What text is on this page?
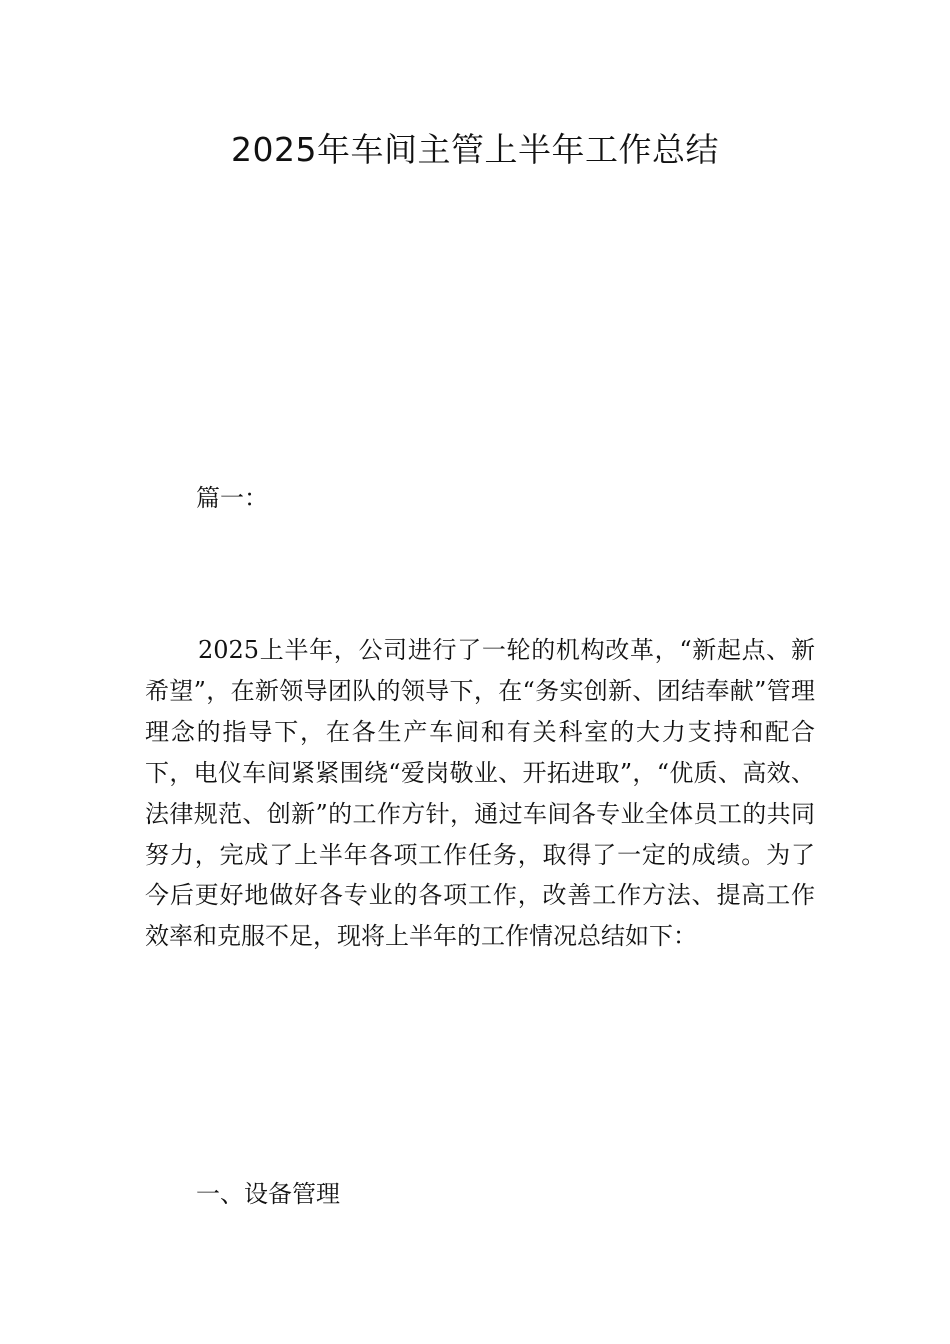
2025年车间主管上半年工作总结

篇一：

2025上半年，公司进行了一轮的机构改革，“新起点、新希望”，在新领导团队的领导下，在“务实创新、团结奉献”管理理念的指导下，在各生产车间和有关科室的大力支持和配合下，电仪车间紧紧围绕“爱岗敬业、开拓进取”，“优质、高效、法律规范、创新”的工作方针，通过车间各专业全体员工的共同努力，完成了上半年各项工作任务，取得了一定的成绩。为了今后更好地做好各专业的各项工作，改善工作方法、提高工作效率和克服不足，现将上半年的工作情况总结如下：

一、设备管理
